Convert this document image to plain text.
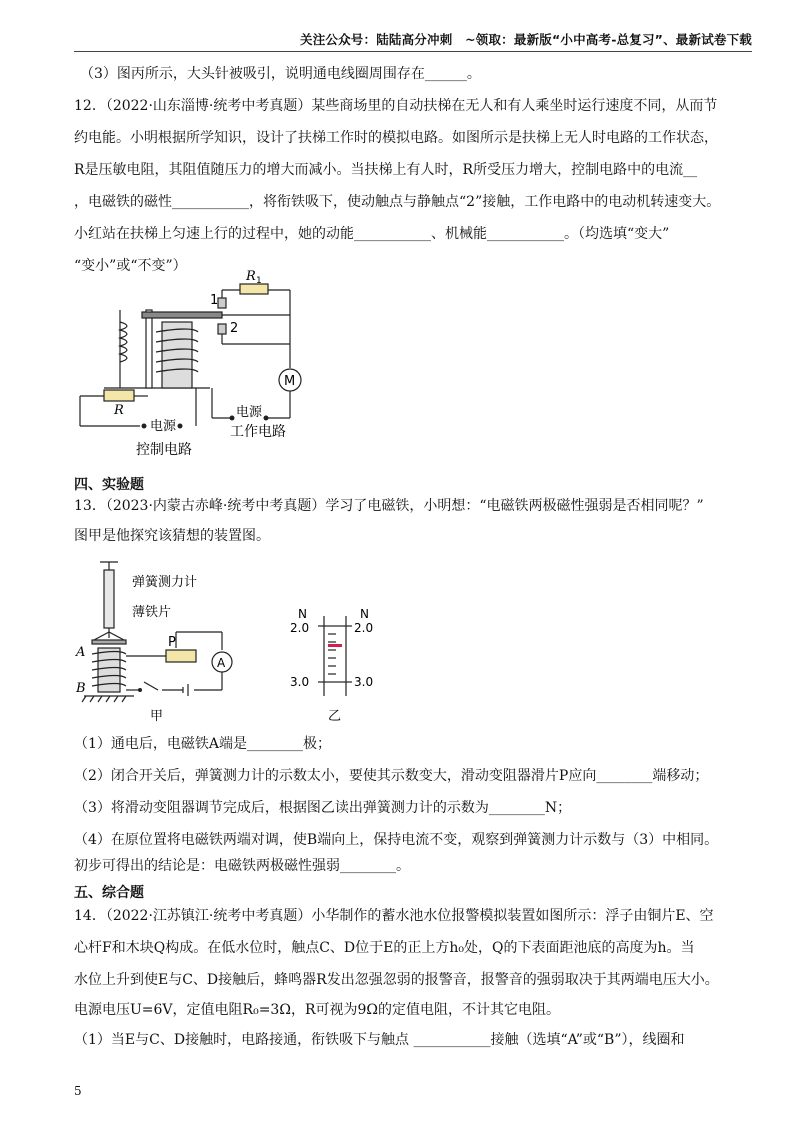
关注公众号：陆陆高分冲刺　~领取：最新版“小中高考-总复习”、最新试卷下载
（3）图丙所示，大头针被吸引，说明通电线圈周围存在______。
12．（2022·山东淄博·统考中考真题）某些商场里的自动扶梯在无人和有人乘坐时运行速度不同，从而节
约电能。小明根据所学知识，设计了扶梯工作时的模拟电路。如图所示是扶梯上无人时电路的工作状态，
R是压敏电阻，其阻值随压力的增大而减小。当扶梯上有人时，R所受压力增大，控制电路中的电流__
，电磁铁的磁性___________，将衔铁吸下，使动触点与静触点“2”接触，工作电路中的电动机转速变大。
小红站在扶梯上匀速上行的过程中，她的动能___________、机械能___________。（均选填“变大”
“变小”或“不变”）
1
2
R 1
M
R
电源
电源
控制电路
工作电路
四、实验题
13．（2023·内蒙古赤峰·统考中考真题）学习了电磁铁，小明想：“电磁铁两极磁性强弱是否相同呢？”
图甲是他探究该猜想的装置图。
弹簧测力计
薄铁片
A
B
P
A
甲	乙
N	N
2.0	2.0
3.0	3.0
（1）通电后，电磁铁A端是________极；
（2）闭合开关后，弹簧测力计的示数太小，要使其示数变大，滑动变阻器滑片P应向________端移动；
（3）将滑动变阻器调节完成后，根据图乙读出弹簧测力计的示数为________N；
（4）在原位置将电磁铁两端对调，使B端向上，保持电流不变，观察到弹簧测力计示数与（3）中相同。
初步可得出的结论是：电磁铁两极磁性强弱________。
五、综合题
14．（2022·江苏镇江·统考中考真题）小华制作的蓄水池水位报警模拟装置如图所示：浮子由铜片E、空
心杆F和木块Q构成。在低水位时，触点C、D位于E的正上方h₀处，Q的下表面距池底的高度为h。当
水位上升到使E与C、D接触后，蜂鸣器R发出忽强忽弱的报警音，报警音的强弱取决于其两端电压大小。
电源电压U=6V，定值电阻R₀=3Ω，R可视为9Ω的定值电阻，不计其它电阻。
（1）当E与C、D接触时，电路接通，衔铁吸下与触点 ___________接触（选填“A”或“B”），线圈和
5
